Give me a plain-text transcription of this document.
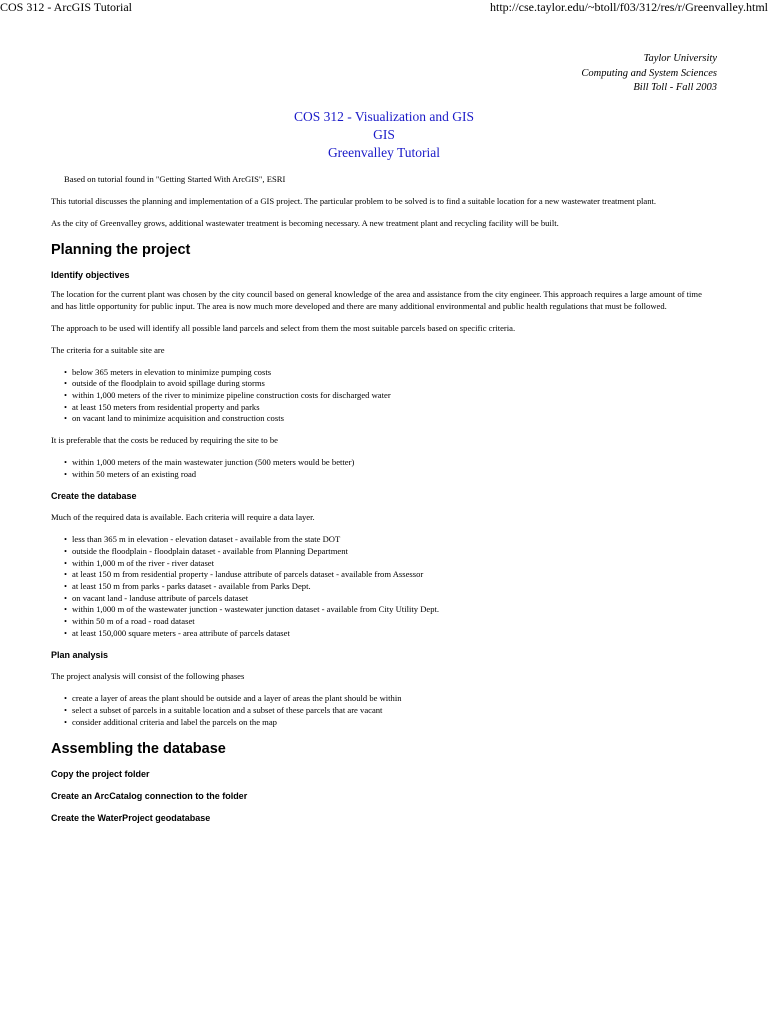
COS 312 - ArcGIS Tutorial	http://cse.taylor.edu/~btoll/f03/312/res/r/Greenvalley.html
Taylor University
Computing and System Sciences
Bill Toll - Fall 2003
COS 312 - Visualization and GIS
GIS
Greenvalley Tutorial

Based on tutorial found in "Getting Started With ArcGIS", ESRI

This tutorial discusses the planning and implementation of a GIS project. The particular problem to be solved is to find a suitable location for a new wastewater treatment plant.

As the city of Greenvalley grows, additional wastewater treatment is becoming necessary. A new treatment plant and recycling facility will be built.

Planning the project
Identify objectives

The location for the current plant was chosen by the city council based on general knowledge of the area and assistance from the city engineer. This approach requires a large amount of time and has little opportunity for public input. The area is now much more developed and there are many additional environmental and public health regulations that must be followed.

The approach to be used will identify all possible land parcels and select from them the most suitable parcels based on specific criteria.

The criteria for a suitable site are

• below 365 meters in elevation to minimize pumping costs
• outside of the floodplain to avoid spillage during storms
• within 1,000 meters of the river to minimize pipeline construction costs for discharged water
• at least 150 meters from residential property and parks
• on vacant land to minimize acquisition and construction costs

It is preferable that the costs be reduced by requiring the site to be

• within 1,000 meters of the main wastewater junction (500 meters would be better)
• within 50 meters of an existing road
Create the database

Much of the required data is available. Each criteria will require a data layer.

• less than 365 m in elevation - elevation dataset - available from the state DOT
• outside the floodplain - floodplain dataset - available from Planning Department
• within 1,000 m of the river - river dataset
• at least 150 m from residential property - landuse attribute of parcels dataset - available from Assessor
• at least 150 m from parks - parks dataset - available from Parks Dept.
• on vacant land - landuse attribute of parcels dataset
• within 1,000 m of the wastewater junction - wastewater junction dataset - available from City Utility Dept.
• within 50 m of a road - road dataset
• at least 150,000 square meters - area attribute of parcels dataset
Plan analysis

The project analysis will consist of the following phases

• create a layer of areas the plant should be outside and a layer of areas the plant should be within
• select a subset of parcels in a suitable location and a subset of these parcels that are vacant
• consider additional criteria and label the parcels on the map
Assembling the database
Copy the project folder
Create an ArcCatalog connection to the folder
Create the WaterProject geodatabase
